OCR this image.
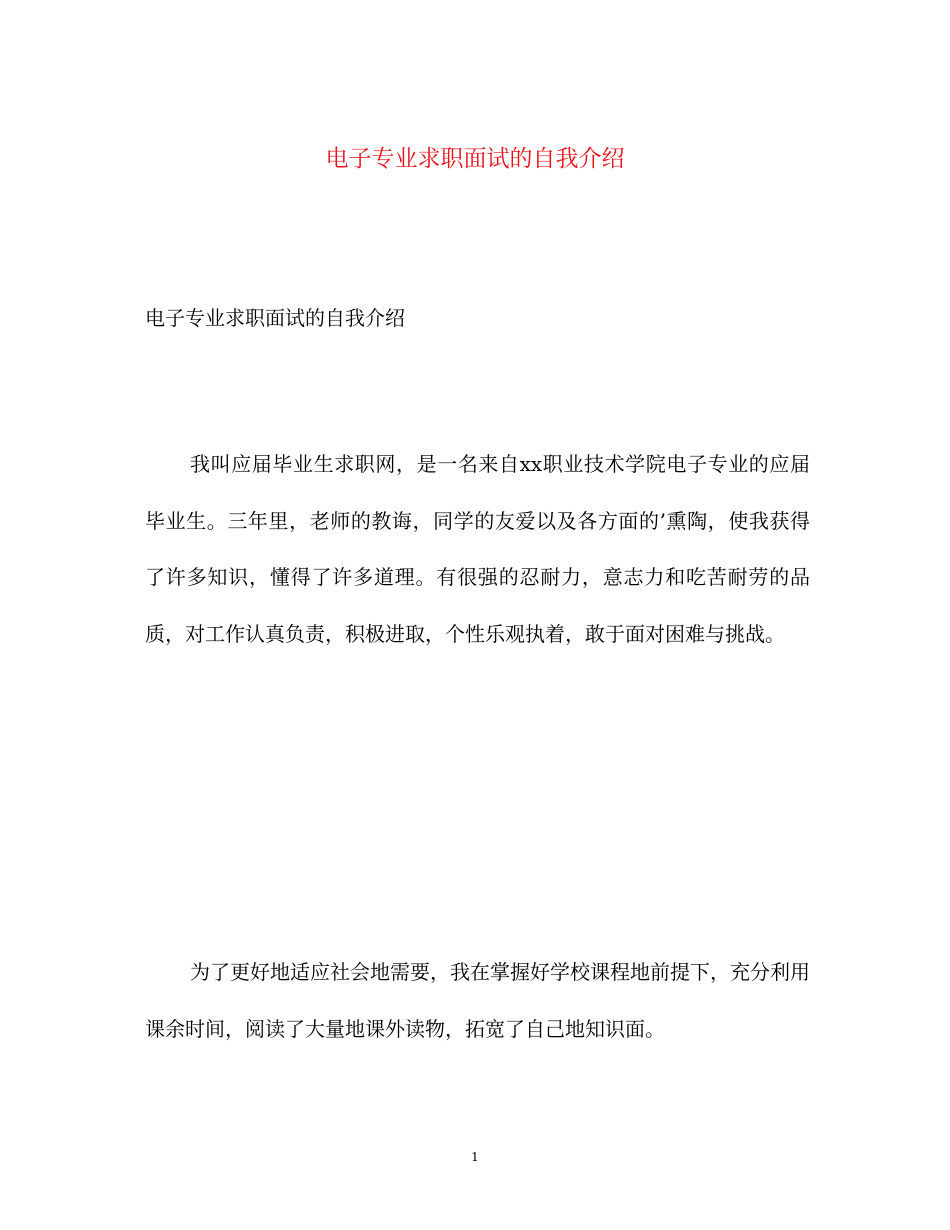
电子专业求职面试的自我介绍
电子专业求职面试的自我介绍

我叫应届毕业生求职网，是一名来自xx职业技术学院电子专业的应届毕业生。三年里，老师的教诲，同学的友爱以及各方面的’熏陶，使我获得了许多知识，懂得了许多道理。有很强的忍耐力，意志力和吃苦耐劳的品质，对工作认真负责，积极进取，个性乐观执着，敢于面对困难与挑战。

为了更好地适应社会地需要，我在掌握好学校课程地前提下，充分利用课余时间，阅读了大量地课外读物，拓宽了自己地知识面。

1
